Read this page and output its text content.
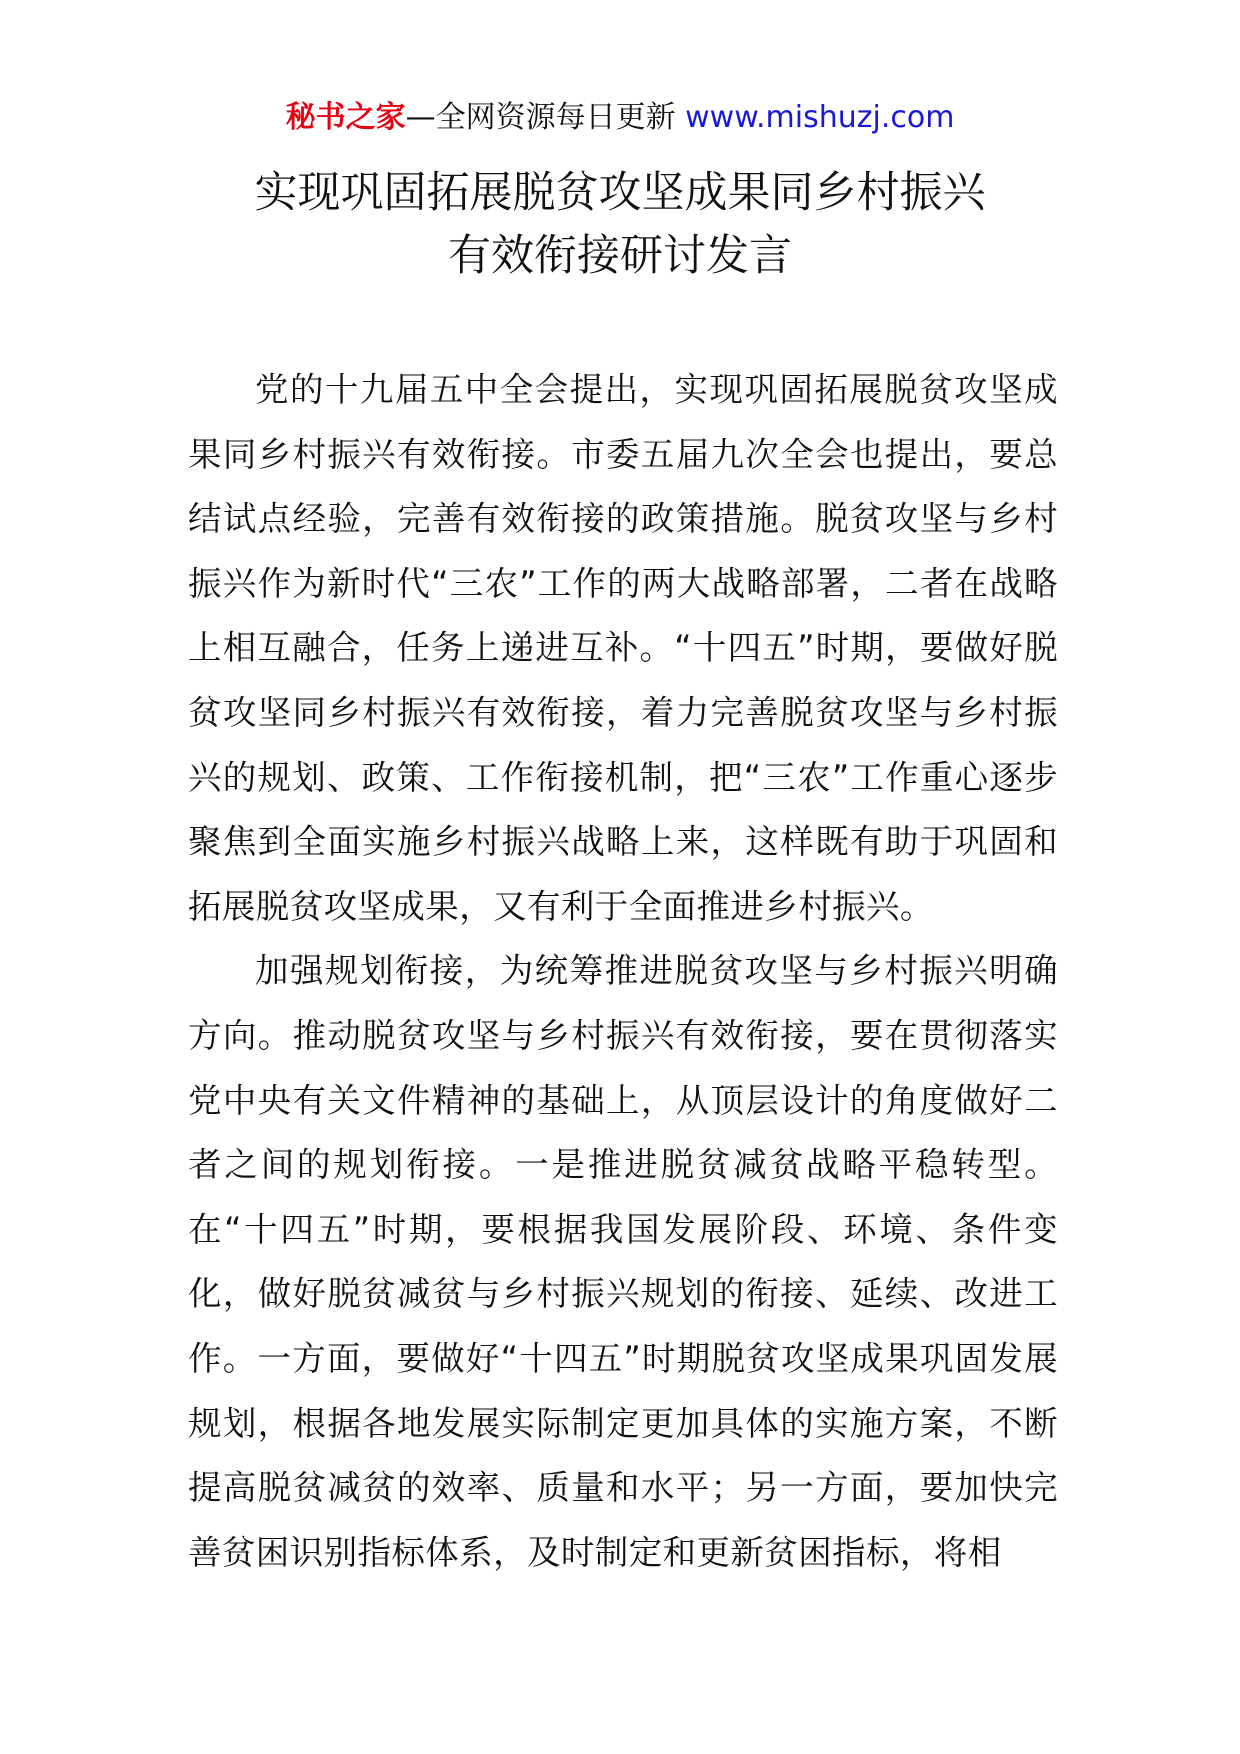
秘书之家—全网资源每日更新 www.mishuzj.com
实现巩固拓展脱贫攻坚成果同乡村振兴
有效衔接研讨发言

党的十九届五中全会提出，实现巩固拓展脱贫攻坚成果同乡村振兴有效衔接。市委五届九次全会也提出，要总结试点经验，完善有效衔接的政策措施。脱贫攻坚与乡村振兴作为新时代“三农”工作的两大战略部署，二者在战略上相互融合，任务上递进互补。“十四五”时期，要做好脱贫攻坚同乡村振兴有效衔接，着力完善脱贫攻坚与乡村振兴的规划、政策、工作衔接机制，把“三农”工作重心逐步聚焦到全面实施乡村振兴战略上来，这样既有助于巩固和拓展脱贫攻坚成果，又有利于全面推进乡村振兴。

加强规划衔接，为统筹推进脱贫攻坚与乡村振兴明确方向。推动脱贫攻坚与乡村振兴有效衔接，要在贯彻落实党中央有关文件精神的基础上，从顶层设计的角度做好二者之间的规划衔接。一是推进脱贫减贫战略平稳转型。在“十四五”时期，要根据我国发展阶段、环境、条件变化，做好脱贫减贫与乡村振兴规划的衔接、延续、改进工作。一方面，要做好“十四五”时期脱贫攻坚成果巩固发展规划，根据各地发展实际制定更加具体的实施方案，不断提高脱贫减贫的效率、质量和水平；另一方面，要加快完善贫困识别指标体系，及时制定和更新贫困指标，将相
